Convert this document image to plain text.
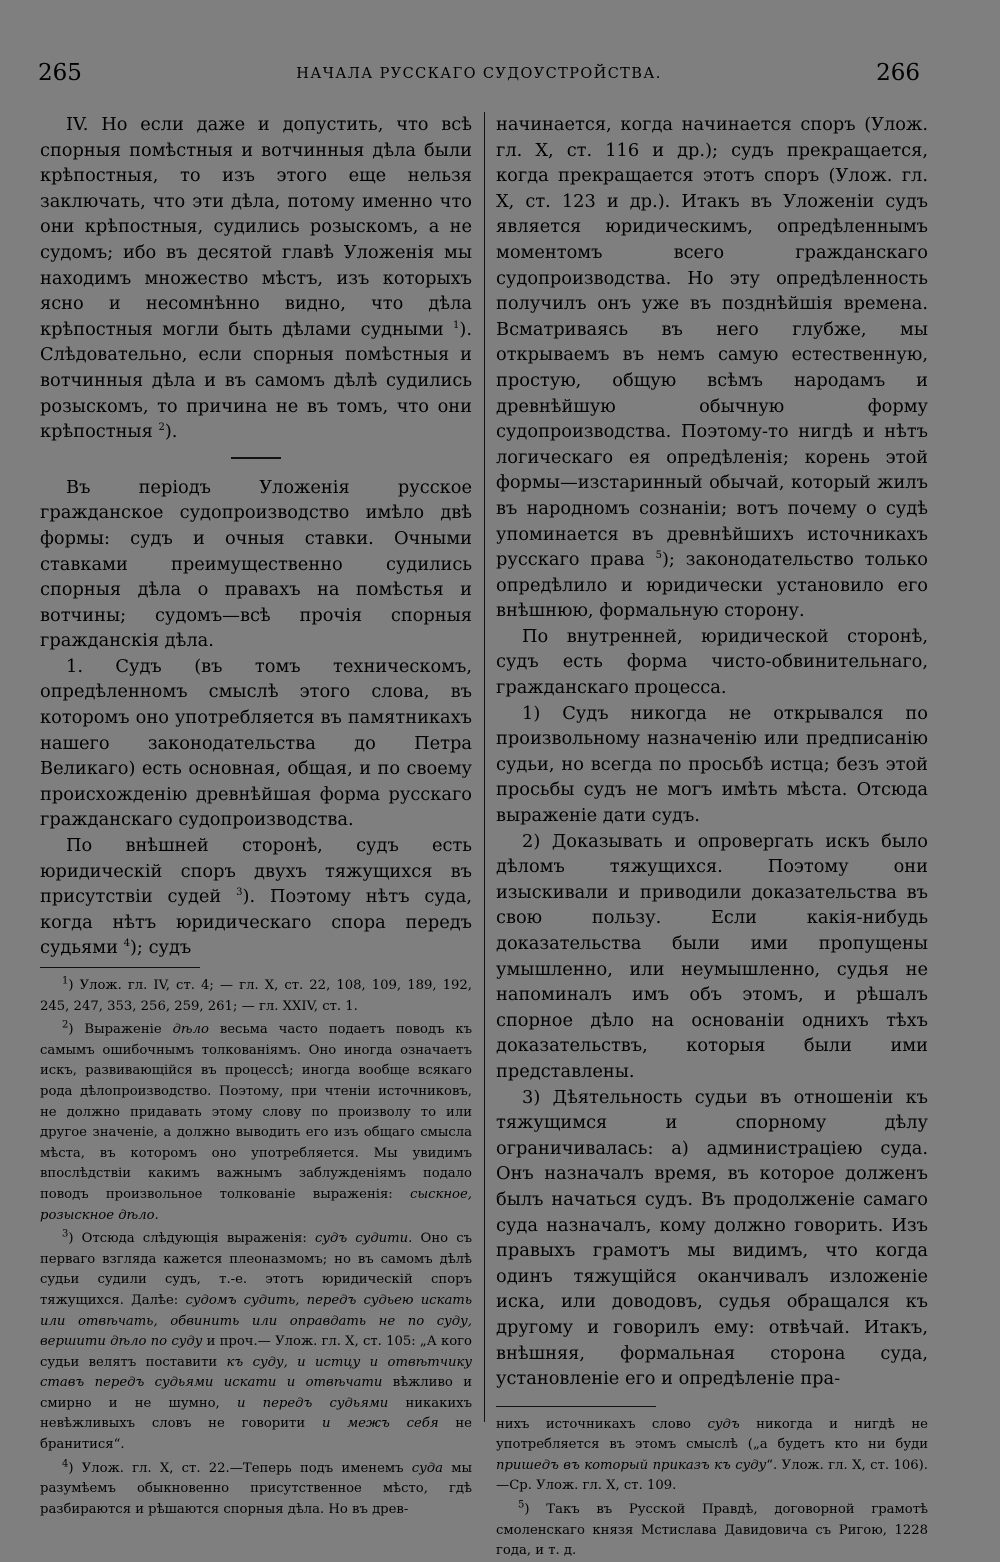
265	НАЧАЛА РУССКАГО СУДОУСТРОЙСТВА.	266

IV. Но если даже и допустить, что всѣ спорныя помѣстныя и вотчинныя дѣла были крѣпостныя, то изъ этого еще нельзя заключать, что эти дѣла, потому именно что они крѣпостныя, судились розыскомъ, а не судомъ; ибо въ десятой главѣ Уложенія мы находимъ множество мѣстъ, изъ которыхъ ясно и несомнѣнно видно, что дѣла крѣпостныя могли быть дѣлами судными $^1$). Слѣдовательно, если спорныя помѣстныя и вотчинныя дѣла и въ самомъ дѣлѣ судились розыскомъ, то причина не въ томъ, что они крѣпостныя $^2$).

Въ періодъ Уложенія русское гражданское судопроизводство имѣло двѣ формы: судъ и очныя ставки. Очными ставками преимущественно судились спорныя дѣла о правахъ на помѣстья и вотчины; судомъ—всѣ прочія спорныя гражданскія дѣла.

1. Судъ (въ томъ техническомъ, опредѣленномъ смыслѣ этого слова, въ которомъ оно употребляется въ памятникахъ нашего законодательства до Петра Великаго) есть основная, общая, и по своему происхожденію древнѣйшая форма русскаго гражданскаго судопроизводства.

По внѣшней сторонѣ, судъ есть юридическій споръ двухъ тяжущихся въ присутствіи судей $^3$). Поэтому нѣтъ суда, когда нѣтъ юридическаго спора передъ судьями $^4$); судъ

$^1$) Улож. гл. IV, ст. 4; — гл. X, ст. 22, 108, 109, 189, 192, 245, 247, 353, 256, 259, 261; — гл. XXIV, ст. 1.

$^2$) Выраженіе дѣло весьма часто подаетъ поводъ къ самымъ ошибочнымъ толкованіямъ. Оно иногда означаетъ искъ, развивающійся въ процессѣ; иногда вообще всякаго рода дѣлопроизводство. Поэтому, при чтеніи источниковъ, не должно придавать этому слову по произволу то или другое значеніе, а должно выводить его изъ общаго смысла мѣста, въ которомъ оно употребляется. Мы увидимъ впослѣдствіи какимъ важнымъ заблужденіямъ подало поводъ произвольное толкованіе выраженія: сыскное, розыскное дѣло.

$^3$) Отсюда слѣдующія выраженія: судъ судити. Оно съ перваго взгляда кажется плеоназмомъ; но въ самомъ дѣлѣ судьи судили судъ, т.-е. этотъ юридическій споръ тяжущихся. Далѣе: судомъ судить, передъ судьею искать или отвѣчать, обвинить или оправдать не по суду, вершити дѣло по суду и проч.— Улож. гл. X, ст. 105: „А кого судьи велятъ поставити къ суду, и истцу и отвѣтчику ставъ передъ судьями искати и отвѣчати вѣжливо и смирно и не шумно, и передъ судьями никакихъ невѣжливыхъ словъ не говорити и межъ себя не бранитися“.

$^4$) Улож. гл. X, ст. 22.—Теперь подъ именемъ суда мы разумѣемъ обыкновенно присутственное мѣсто, гдѣ разбираются и рѣшаются спорныя дѣла. Но въ древ-

начинается, когда начинается споръ (Улож. гл. X, ст. 116 и др.); судъ прекращается, когда прекращается этотъ споръ (Улож. гл. X, ст. 123 и др.). Итакъ въ Уложеніи судъ является юридическимъ, опредѣленнымъ моментомъ всего гражданскаго судопроизводства. Но эту опредѣленность получилъ онъ уже въ позднѣйшія времена. Всматриваясь въ него глубже, мы открываемъ въ немъ самую естественную, простую, общую всѣмъ народамъ и древнѣйшую обычную форму судопроизводства. Поэтому-то нигдѣ и нѣтъ логическаго ея опредѣленія; корень этой формы—изстаринный обычай, который жилъ въ народномъ сознаніи; вотъ почему о судѣ упоминается въ древнѣйшихъ источникахъ русскаго права $^5$); законодательство только опредѣлило и юридически установило его внѣшнюю, формальную сторону.

По внутренней, юридической сторонѣ, судъ есть форма чисто-обвинительнаго, гражданскаго процесса.

1) Судъ никогда не открывался по произвольному назначенію или предписанію судьи, но всегда по просьбѣ истца; безъ этой просьбы судъ не могъ имѣть мѣста. Отсюда выраженіе дати судъ.

2) Доказывать и опровергать искъ было дѣломъ тяжущихся. Поэтому они изыскивали и приводили доказательства въ свою пользу. Если какія-нибудь доказательства были ими пропущены умышленно, или неумышленно, судья не напоминалъ имъ объ этомъ, и рѣшалъ спорное дѣло на основаніи однихъ тѣхъ доказательствъ, которыя были ими представлены.

3) Дѣятельность судьи въ отношеніи къ тяжущимся и спорному дѣлу ограничивалась: а) администраціею суда. Онъ назначалъ время, въ которое долженъ былъ начаться судъ. Въ продолженіе самаго суда назначалъ, кому должно говорить. Изъ правыхъ грамотъ мы видимъ, что когда одинъ тяжущійся оканчивалъ изложеніе иска, или доводовъ, судья обращался къ другому и говорилъ ему: отвѣчай. Итакъ, внѣшняя, формальная сторона суда, установленіе его и опредѣленіе пра-

нихъ источникахъ слово судъ никогда и нигдѣ не употребляется въ этомъ смыслѣ („а будетъ кто ни буди пришедъ въ который приказъ къ суду“. Улож. гл. X, ст. 106).—Ср. Улож. гл. X, ст. 109.

$^5$) Такъ въ Русской Правдѣ, договорной грамотѣ смоленскаго князя Мстислава Давидовича съ Ригою, 1228 года, и т. д.
